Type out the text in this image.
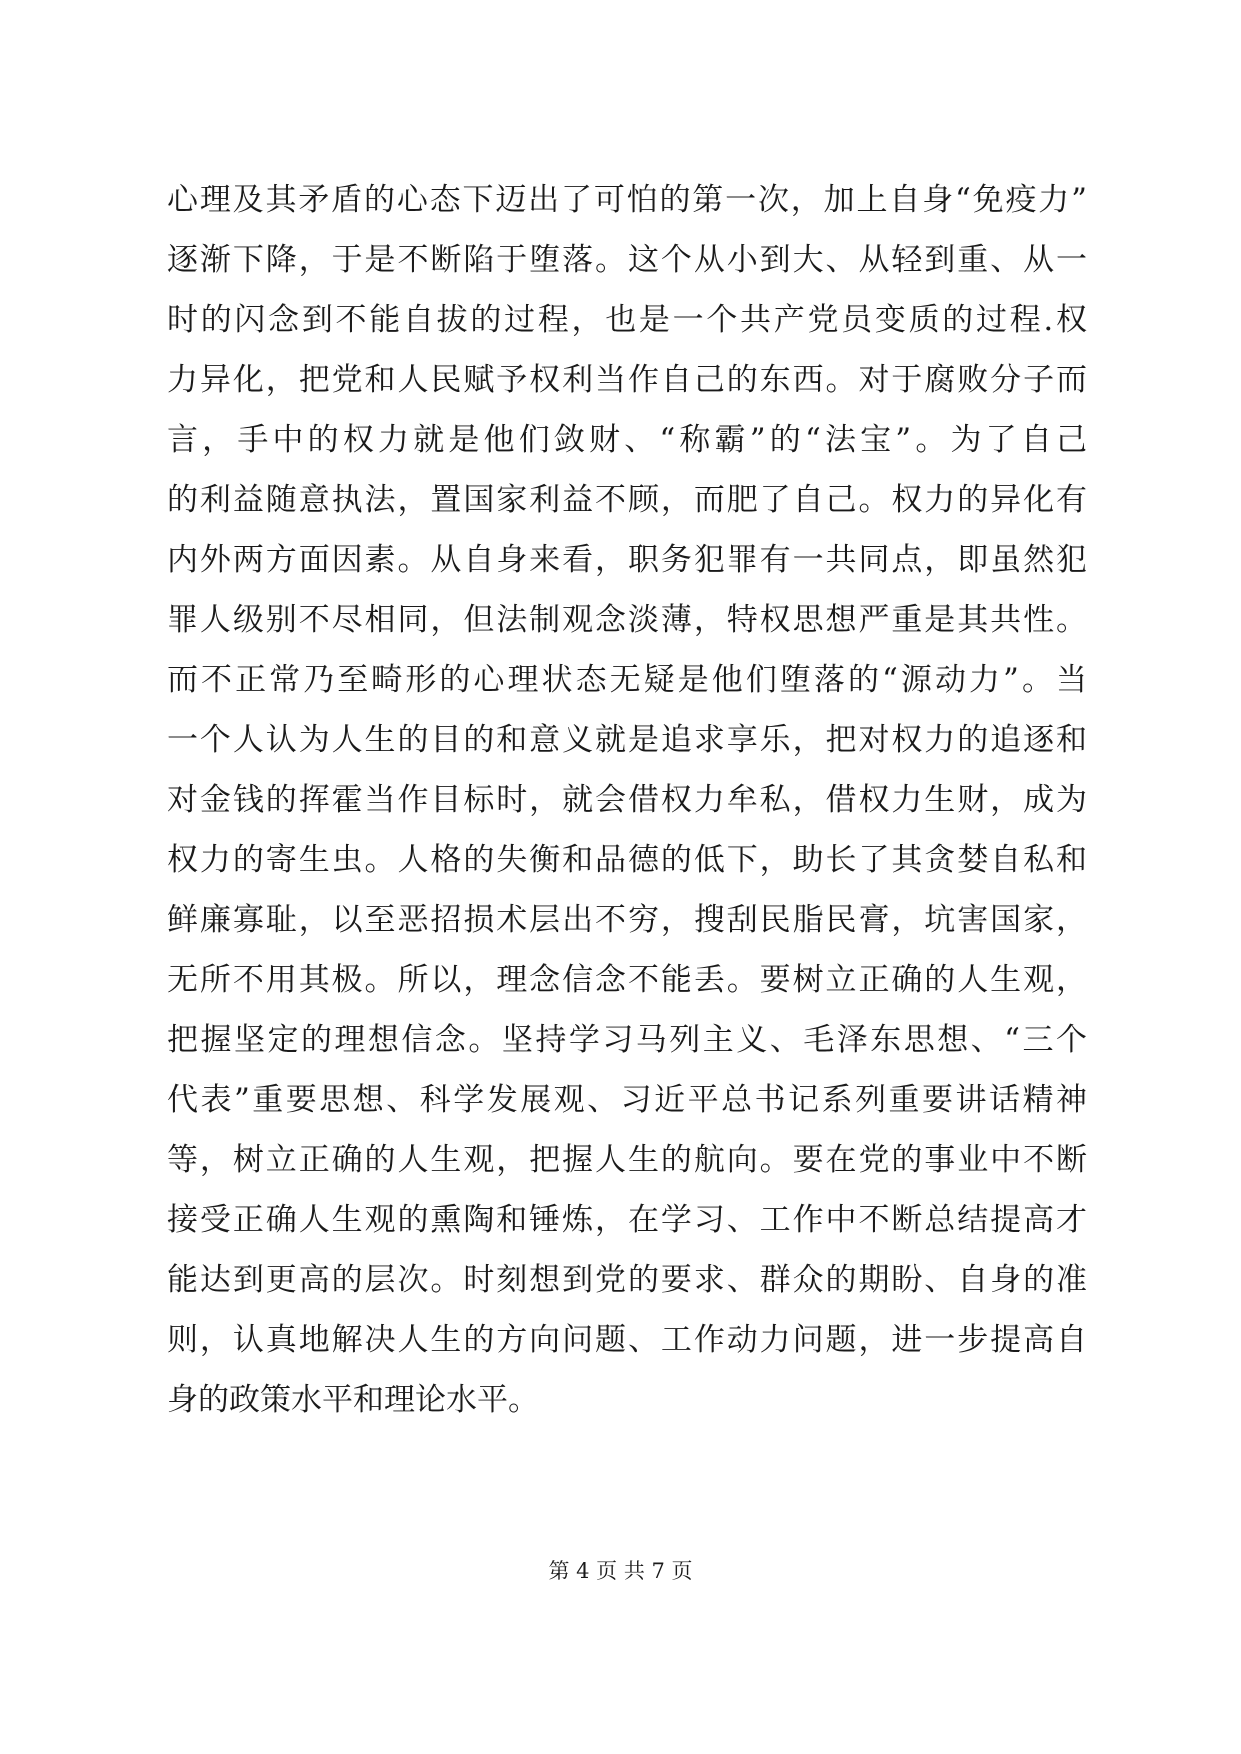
心理及其矛盾的心态下迈出了可怕的第一次，加上自身“免疫力”
逐渐下降，于是不断陷于堕落。这个从小到大、从轻到重、从一
时的闪念到不能自拔的过程，也是一个共产党员变质的过程.权
力异化，把党和人民赋予权利当作自己的东西。对于腐败分子而
言，手中的权力就是他们敛财、“称霸”的“法宝”。为了自己
的利益随意执法，置国家利益不顾，而肥了自己。权力的异化有
内外两方面因素。从自身来看，职务犯罪有一共同点，即虽然犯
罪人级别不尽相同，但法制观念淡薄，特权思想严重是其共性。
而不正常乃至畸形的心理状态无疑是他们堕落的“源动力”。当
一个人认为人生的目的和意义就是追求享乐，把对权力的追逐和
对金钱的挥霍当作目标时，就会借权力牟私，借权力生财，成为
权力的寄生虫。人格的失衡和品德的低下，助长了其贪婪自私和
鲜廉寡耻，以至恶招损术层出不穷，搜刮民脂民膏，坑害国家，
无所不用其极。所以，理念信念不能丢。要树立正确的人生观，
把握坚定的理想信念。坚持学习马列主义、毛泽东思想、“三个
代表”重要思想、科学发展观、习近平总书记系列重要讲话精神
等，树立正确的人生观，把握人生的航向。要在党的事业中不断
接受正确人生观的熏陶和锤炼，在学习、工作中不断总结提高才
能达到更高的层次。时刻想到党的要求、群众的期盼、自身的准
则，认真地解决人生的方向问题、工作动力问题，进一步提高自
身的政策水平和理论水平。
第 4 页 共 7 页
